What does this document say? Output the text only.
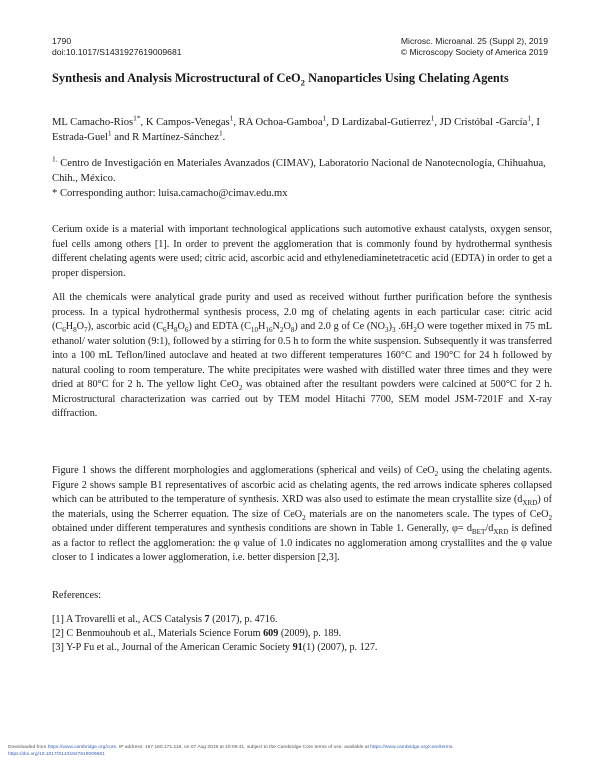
1790
doi:10.1017/S1431927619009681
Microsc. Microanal. 25 (Suppl 2), 2019
© Microscopy Society of America 2019
Synthesis and Analysis Microstructural of CeO$_2$ Nanoparticles Using Chelating Agents
ML Camacho-Rios$^{1*}$, K Campos-Venegas$^1$, RA Ochoa-Gamboa$^1$, D Lardizabal-Gutierrez$^1$, JD Cristóbal -García$^1$, I Estrada-Guel$^1$ and R Martínez-Sánchez$^1$.
$^{1.}$ Centro de Investigación en Materiales Avanzados (CIMAV), Laboratorio Nacional de Nanotecnología, Chihuahua, Chih., México.
* Corresponding author: luisa.camacho@cimav.edu.mx
Cerium oxide is a material with important technological applications such automotive exhaust catalysts, oxygen sensor, fuel cells among others [1]. In order to prevent the agglomeration that is commonly found by hydrothermal synthesis different chelating agents were used; citric acid, ascorbic acid and ethylenediaminetetracetic acid (EDTA) in order to get a proper dispersion.
All the chemicals were analytical grade purity and used as received without further purification before the synthesis process. In a typical hydrothermal synthesis process, 2.0 mg of chelating agents in each particular case: citric acid $(C_6H_8O_7)$, ascorbic acid $(C_6H_8O_6)$ and EDTA $(C_{10}H_{16}N_2O_8)$ and 2.0 g of Ce $(NO_3)_3$ $.6H_2O$ were together mixed in 75 mL ethanol/ water solution (9:1), followed by a stirring for 0.5 h to form the white suspension. Subsequently it was transferred into a 100 mL Teflon/lined autoclave and heated at two different temperatures 160°C and 190°C for 24 h followed by natural cooling to room temperature. The white precipitates were washed with distilled water three times and they were dried at 80°C for 2 h. The yellow light CeO$_2$ was obtained after the resultant powders were calcined at 500°C for 2 h. Microstructural characterization was carried out by TEM model Hitachi 7700, SEM model JSM-7201F and X-ray diffraction.
Figure 1 shows the different morphologies and agglomerations (spherical and veils) of CeO$_2$ using the chelating agents. Figure 2 shows sample B1 representatives of ascorbic acid as chelating agents, the red arrows indicate spheres collapsed which can be attributed to the temperature of synthesis. XRD was also used to estimate the mean crystallite size $(d_{XRD})$ of the materials, using the Scherrer equation. The size of CeO$_2$ materials are on the nanometers scale. The types of CeO$_2$ obtained under different temperatures and synthesis conditions are shown in Table 1. Generally, $\varphi= d_{BET}/d_{XRD}$ is defined as a factor to reflect the agglomeration: the φ value of 1.0 indicates no agglomeration among crystallites and the φ value closer to 1 indicates a lower agglomeration, i.e. better dispersion [2,3].
References:
[1] A Trovarelli et al., ACS Catalysis 7 (2017), p. 4716.
[2] C Benmouhoub et al., Materials Science Forum 609 (2009), p. 189.
[3] Y-P Fu et al., Journal of the American Ceramic Society 91(1) (2007), p. 127.
Downloaded from https://www.cambridge.org/core. IP address: 167.160.171.118, on 07 Aug 2019 at 10:09:41, subject to the Cambridge Core terms of use, available at https://www.cambridge.org/core/terms.
https://doi.org/10.1017/S1431927619009681
